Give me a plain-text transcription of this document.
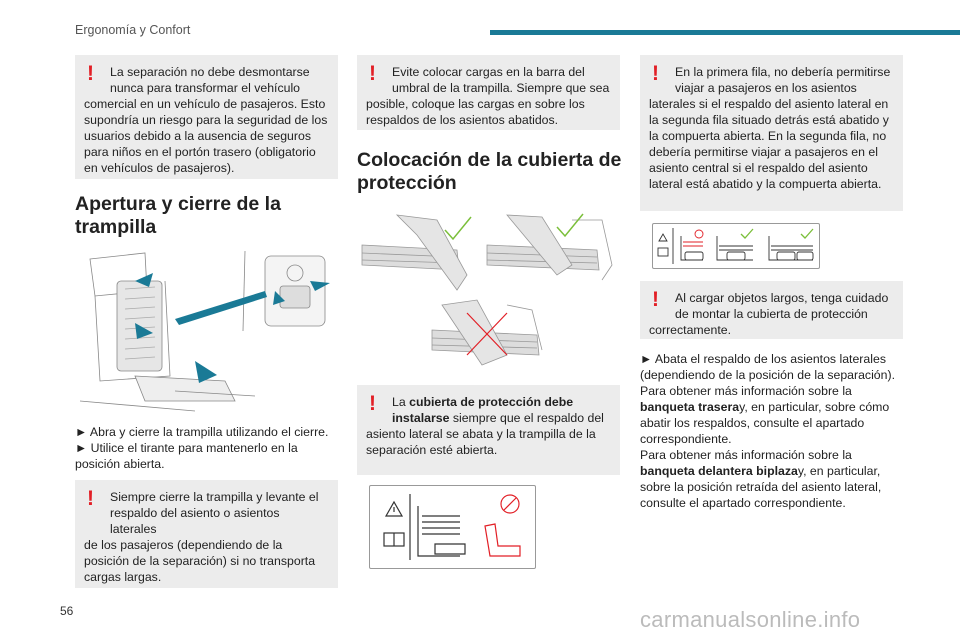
Ergonomía y Confort
!	La separación no debe desmontarse nunca para transformar el vehículo
comercial en un vehículo de pasajeros. Esto supondría un riesgo para la seguridad de los usuarios debido a la ausencia de seguros para niños en el portón trasero (obligatorio en vehículos de pasajeros).
Apertura y cierre de la trampilla
► Abra y cierre la trampilla utilizando el cierre.
► Utilice el tirante para mantenerlo en la posición abierta.
!	Siempre cierre la trampilla y levante el respaldo del asiento o asientos laterales
de los pasajeros (dependiendo de la posición de la separación) si no transporta cargas largas.
!	Evite colocar cargas en la barra del umbral de la trampilla. Siempre que sea
posible, coloque las cargas en sobre los respaldos de los asientos abatidos.
Colocación de la cubierta de protección
!	La cubierta de protección debe instalarse siempre que el respaldo del
asiento lateral se abata y la trampilla de la separación esté abierta.
!	En la primera fila, no debería permitirse viajar a pasajeros en los asientos
laterales si el respaldo del asiento lateral en la segunda fila situado detrás está abatido y la compuerta abierta. En la segunda fila, no debería permitirse viajar a pasajeros en el asiento central si el respaldo del asiento lateral está abatido y la compuerta abierta.
!	Al cargar objetos largos, tenga cuidado de montar la cubierta de protección
correctamente.
► Abata el respaldo de los asientos laterales (dependiendo de la posición de la separación).
Para obtener más información sobre la banqueta traseray, en particular, sobre cómo abatir los respaldos, consulte el apartado correspondiente.
Para obtener más información sobre la banqueta delantera biplazay, en particular, sobre la posición retraída del asiento lateral, consulte el apartado correspondiente.
56	carmanualsonline.info
